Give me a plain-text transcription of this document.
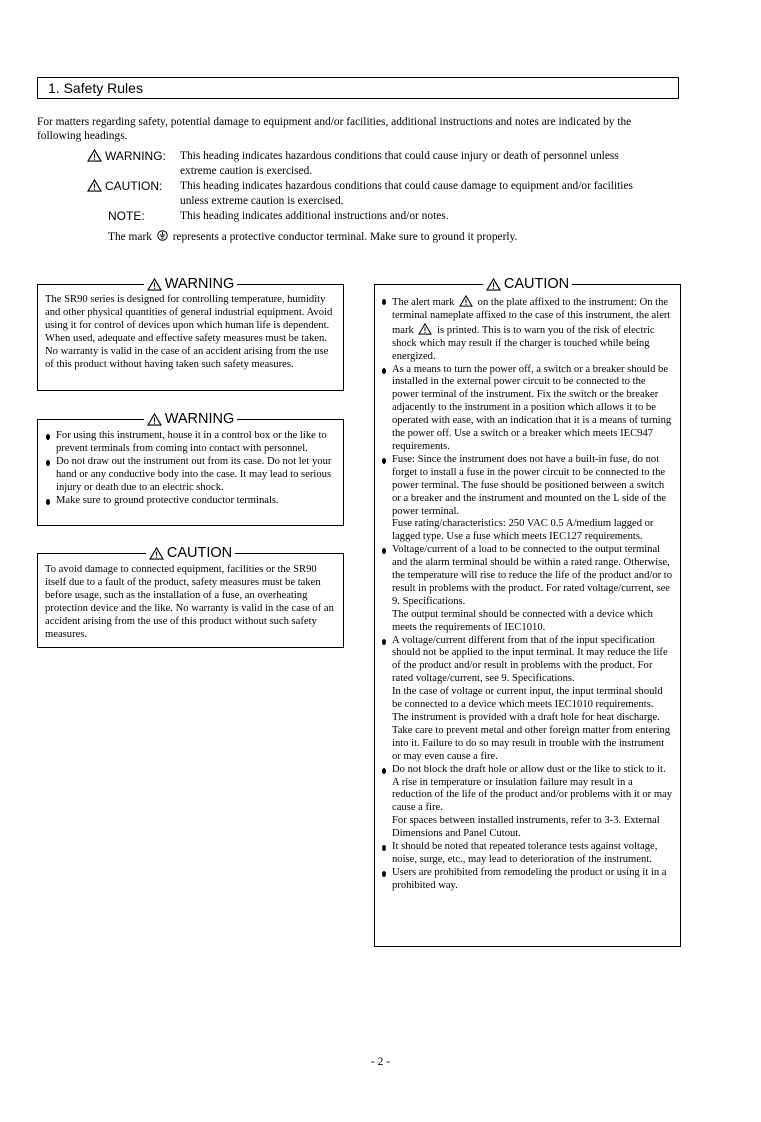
1. Safety Rules
For matters regarding safety, potential damage to equipment and/or facilities, additional instructions and notes are indicated by the following headings.
WARNING: This heading indicates hazardous conditions that could cause injury or death of personnel unless extreme caution is exercised.
CAUTION: This heading indicates hazardous conditions that could cause damage to equipment and/or facilities unless extreme caution is exercised.
NOTE:	This heading indicates additional instructions and/or notes.
The mark represents a protective conductor terminal. Make sure to ground it properly.
WARNING

The SR90 series is designed for controlling temperature, humidity and other physical quantities of general industrial equipment. Avoid using it for control of devices upon which human life is dependent. When used, adequate and effective safety measures must be taken. No warranty is valid in the case of an accident arising from the use of this product without having taken such safety measures.

WARNING
For using this instrument, house it in a control box or the like to prevent terminals from coming into contact with personnel.
Do not draw out the instrument out from its case. Do not let your hand or any conductive body into the case. It may lead to serious injury or death due to an electric shock.
Make sure to ground protective conductor terminals.
CAUTION

To avoid damage to connected equipment, facilities or the SR90 itself due to a fault of the product, safety measures must be taken before usage, such as the installation of a fuse, an overheating protection device and the like. No warranty is valid in the case of an accident arising from the use of this product without such safety measures.

CAUTION
The alert mark on the plate affixed to the instrument: On the terminal nameplate affixed to the case of this instrument, the alert mark is printed. This is to warn you of the risk of electric shock which may result if the charger is touched while being energized.
As a means to turn the power off, a switch or a breaker should be installed in the external power circuit to be connected to the power terminal of the instrument. Fix the switch or the breaker adjacently to the instrument in a position which allows it to be operated with ease, with an indication that it is a means of turning the power off. Use a switch or a breaker which meets IEC947 requirements.

Fuse: Since the instrument does not have a built-in fuse, do not forget to install a fuse in the power circuit to be connected to the power terminal. The fuse should be positioned between a switch or a breaker and the instrument and mounted on the L side of the power terminal.

Fuse rating/characteristics: 250 VAC 0.5 A/medium lagged or lagged type. Use a fuse which meets IEC127 requirements.

Voltage/current of a load to be connected to the output terminal and the alarm terminal should be within a rated range. Otherwise, the temperature will rise to reduce the life of the product and/or to result in problems with the product. For rated voltage/current, see 9. Specifications.

The output terminal should be connected with a device which meets the requirements of IEC1010.

A voltage/current different from that of the input specification should not be applied to the input terminal. It may reduce the life of the product and/or result in problems with the product. For rated voltage/current, see 9. Specifications.

In the case of voltage or current input, the input terminal should be connected to a device which meets IEC1010 requirements.

The instrument is provided with a draft hole for heat discharge. Take care to prevent metal and other foreign matter from entering into it. Failure to do so may result in trouble with the instrument or may even cause a fire.

Do not block the draft hole or allow dust or the like to stick to it. A rise in temperature or insulation failure may result in a reduction of the life of the product and/or problems with it or may cause a fire.

For spaces between installed instruments, refer to 3-3. External Dimensions and Panel Cutout.

It should be noted that repeated tolerance tests against voltage, noise, surge, etc., may lead to deterioration of the instrument.
Users are prohibited from remodeling the product or using it in a prohibited way.
- 2 -
